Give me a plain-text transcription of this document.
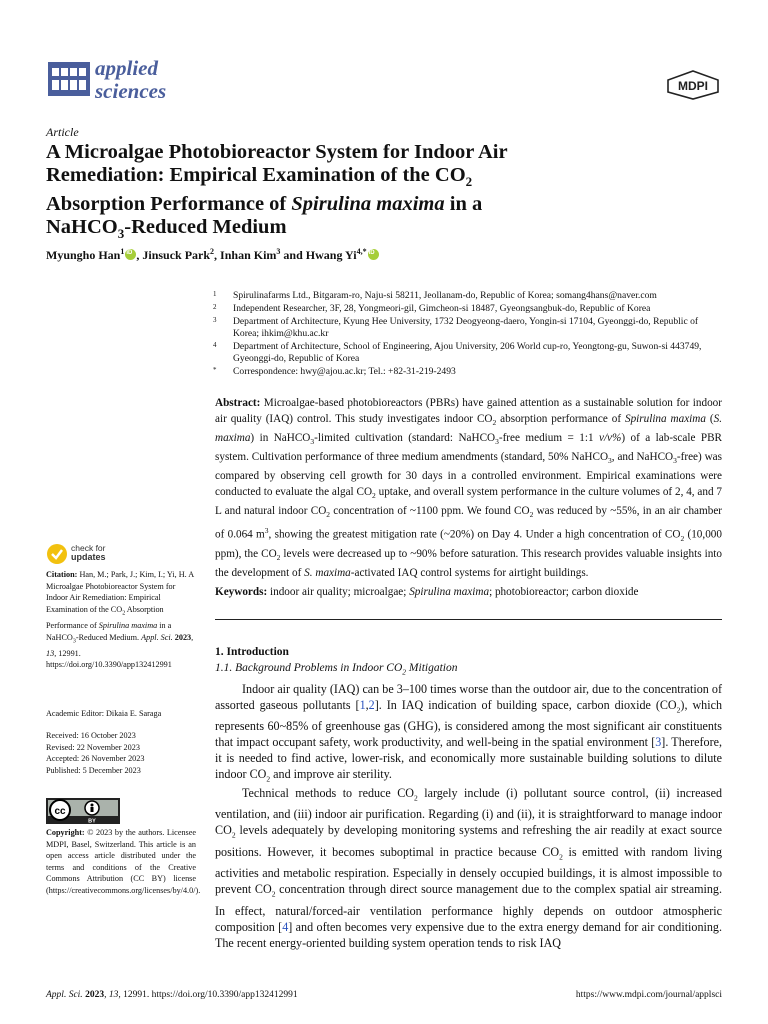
applied
sciences	MDPI
Article
A Microalgae Photobioreactor System for Indoor Air
Remediation: Empirical Examination of the $CO_2$
Absorption Performance of Spirulina maxima in a
NaHCO$_3$-Reduced Medium
Myungho Han$^1$iD , Jinsuck Park$^2$, Inhan Kim$^3$ and Hwang $Yi^{4,*}iD$
1 Spirulinafarms Ltd., Bitgaram-ro, Naju-si 58211, Jeollanam-do, Republic of Korea; somang4hans@naver.com
2 Independent Researcher, 3F, 28, Yongmeori-gil, Gimcheon-si 18487, Gyeongsangbuk-do, Republic of Korea
3 Department of Architecture, Kyung Hee University, 1732 Deogyeong-daero, Yongin-si 17104, Gyeonggi-do, Republic of Korea; ihkim@khu.ac.kr
4 Department of Architecture, School of Engineering, Ajou University, 206 World cup-ro, Yeongtong-gu, Suwon-si 443749, Gyeonggi-do, Republic of Korea
* Correspondence: hwy@ajou.ac.kr; Tel.: +82-31-219-2493
Abstract: Microalgae-based photobioreactors (PBRs) have gained attention as a sustainable solution for indoor air quality (IAQ) control. This study investigates indoor $CO_2$ absorption performance of Spirulina maxima (S. maxima) in NaHCO$_3$-limited cultivation (standard: NaHCO$_3$-free medium = 1:1 v/v%) of a lab-scale PBR system. Cultivation performance of three medium amendments (standard, 50% NaHCO$_3$, and NaHCO$_3$-free) was compared by observing cell growth for 30 days in a controlled environment. Empirical examinations were conducted to evaluate the algal $CO_2$ uptake, and overall system performance in the culture volumes of 2, 4, and 7 L and natural indoor $CO_2$ concentration of ~1100 ppm. We found $CO_2$ was reduced by ~55%, in an air chamber of 0.064 $m^3$, showing the greatest mitigation rate (~20%) on Day 4. Under a high concentration of $CO_2$ (10,000 ppm), the $CO_2$ levels were decreased up to ~90% before saturation. This research provides valuable insights into the development of S. maxima-activated IAQ control systems for airtight buildings.
Keywords: indoor air quality; microalgae; Spirulina maxima; photobioreactor; carbon dioxide
1. Introduction
1.1. Background Problems in Indoor $CO_2$ Mitigation
Indoor air quality (IAQ) can be 3–100 times worse than the outdoor air, due to the concentration of assorted gaseous pollutants [1,2]. In IAQ indication of building space, carbon dioxide $(CO_2)$, which represents 60~85% of greenhouse gas (GHG), is considered among the most significant air constituents that impact occupant safety, work productivity, and well-being in the spatial environment [3]. Therefore, it is needed to find active, lower-risk, and economically more sustainable building solutions to dilute indoor $CO_2$ and improve air sterility.
Technical methods to reduce $CO_2$ largely include (i) pollutant source control, (ii) increased ventilation, and (iii) indoor air purification. Regarding (i) and (ii), it is straightforward to manage indoor $CO_2$ levels adequately by developing monitoring systems and refreshing the air readily at exact source positions. However, it becomes suboptimal in practice because $CO_2$ is emitted with random living activities and metabolic respiration. Especially in densely occupied buildings, it is almost impossible to prevent $CO_2$ concentration through direct source management due to the complex spatial air streaming. In effect, natural/forced-air ventilation performance highly depends on outdoor atmospheric composition [4] and often becomes very expensive due to the extra energy demand for air conditioning. The recent energy-oriented building system operation tends to risk IAQ
check for
updates
Citation: Han, M.; Park, J.; Kim, I.; Yi, H. A Microalgae Photobioreactor System for Indoor Air Remediation: Empirical Examination of the $CO_2$ Absorption Performance of Spirulina maxima in a NaHCO$_3$-Reduced Medium. Appl. Sci. 2023, 13, 12991. https://doi.org/10.3390/app132412991
Academic Editor: Dikaia E. Saraga
Received: 16 October 2023
Revised: 22 November 2023
Accepted: 26 November 2023
Published: 5 December 2023
cc
BY
Copyright: © 2023 by the authors. Licensee MDPI, Basel, Switzerland. This article is an open access article distributed under the terms and conditions of the Creative Commons Attribution (CC BY) license (https://creativecommons.org/licenses/by/4.0/).
Appl. Sci. 2023, 13, 12991. https://doi.org/10.3390/app132412991	https://www.mdpi.com/journal/applsci
